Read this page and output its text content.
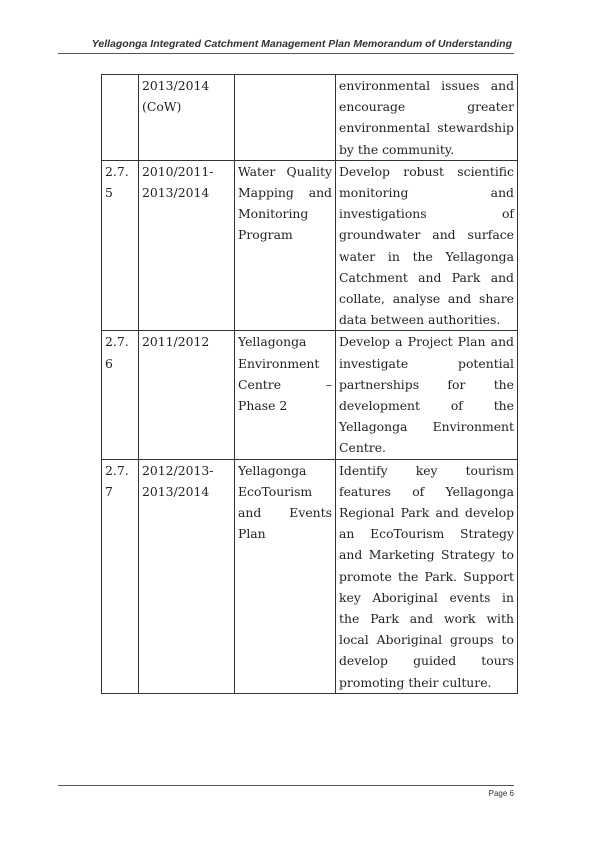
Yellagonga Integrated Catchment Management Plan Memorandum of Understanding
	2013/2014 (CoW)		environmental issues and encourage greater environmental stewardship by the community.
2.7.5	2010/2011-2013/2014	Water Quality Mapping and Monitoring Program	Develop robust scientific monitoring and investigations of groundwater and surface water in the Yellagonga Catchment and Park and collate, analyse and share data between authorities.
2.7.6	2011/2012	Yellagonga Environment Centre – Phase 2	Develop a Project Plan and investigate potential partnerships for the development of the Yellagonga Environment Centre.
2.7.7	2012/2013-2013/2014	Yellagonga EcoTourism and Events Plan	Identify key tourism features of Yellagonga Regional Park and develop an EcoTourism Strategy and Marketing Strategy to promote the Park. Support key Aboriginal events in the Park and work with local Aboriginal groups to develop guided tours promoting their culture.
Page 6
